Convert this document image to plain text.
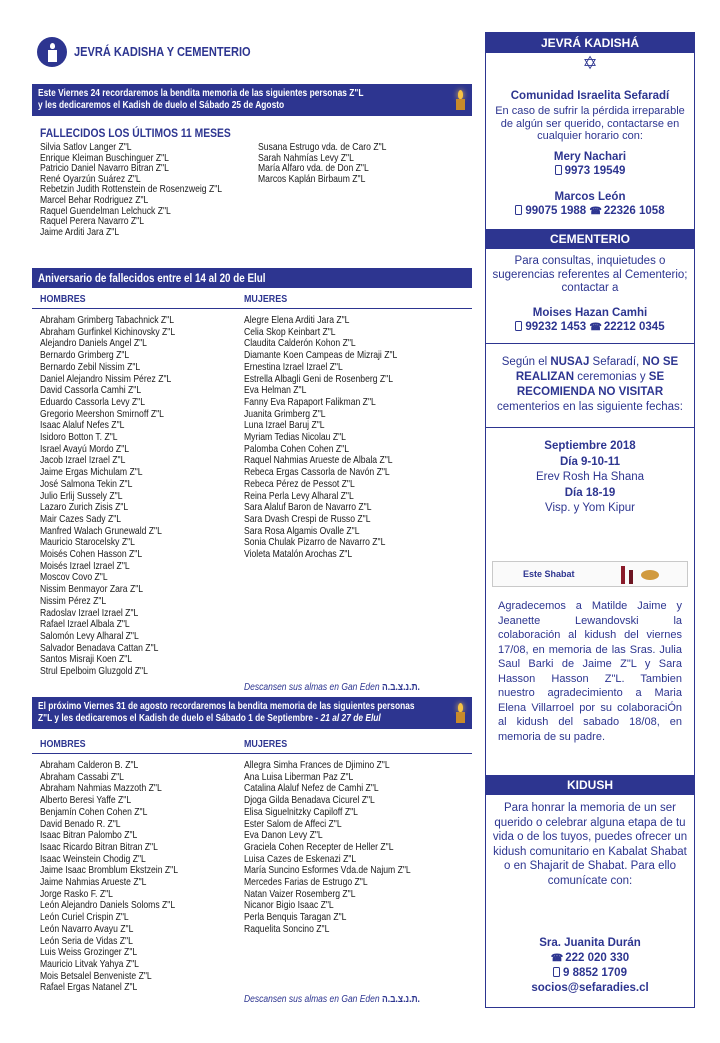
JEVRÁ KADISHA Y CEMENTERIO
Este Viernes 24 recordaremos la bendita memoria de las siguientes personas Z"L
y les dedicaremos el Kadish de duelo el Sábado 25 de Agosto
FALLECIDOS LOS ÚLTIMOS 11 MESES
Silvia Satlov Langer Z"L
Enrique Kleiman Buschinguer Z"L
Patricio Daniel Navarro Bitran Z"L
René Oyarzún Suárez Z"L
Rebetzin Judith Rottenstein de Rosenzweig Z"L
Marcel Behar Rodriguez Z"L
Raquel Guendelman Lelchuck Z"L
Raquel Perera Navarro Z"L
Jaime Arditi Jara Z"L
Susana Estrugo vda. de Caro Z"L
Sarah Nahmías Levy Z"L
María Alfaro vda. de Don Z"L
Marcos Kaplán Birbaum Z"L
Aniversario de fallecidos entre el 14 al 20 de Elul
HOMBRES	MUJERES
Abraham Grimberg Tabachnick Z"L
Abraham Gurfinkel Kichinovsky Z"L
Alejandro Daniels Angel Z"L
Bernardo Grimberg Z"L
Bernardo Zebil Nissim Z"L
Daniel Alejandro Nissim Pérez Z"L
David Cassorla Camhi Z"L
Eduardo Cassorla Levy Z"L
Gregorio Meershon Smirnoff Z"L
Isaac Alaluf Nefes Z"L
Isidoro Botton T. Z"L
Israel Avayú Mordo Z"L
Jacob Izrael Izrael Z"L
Jaime Ergas Michulam Z"L
José Salmona Tekin Z"L
Julio Erlij Sussely Z"L
Lazaro Zurich Zisis Z"L
Mair Cazes Sady Z"L
Manfred Walach Grunewald Z"L
Mauricio Starocelsky Z"L
Moisés Cohen Hasson Z"L
Moisés Izrael Izrael Z"L
Moscov Covo Z"L
Nissim Benmayor Zara Z"L
Nissim Pérez Z"L
Radoslav Izrael Izrael Z"L
Rafael Izrael Albala Z"L
Salomón Levy Alharal Z"L
Salvador Benadava Cattan Z"L
Santos Misraji Koen Z"L
Strul Epelboim Gluzgold Z"L
Alegre Elena Arditi Jara Z"L
Celia Skop Keinbart Z"L
Claudita Calderón Kohon Z"L
Diamante Koen Campeas de Mizraji Z"L
Ernestina Izrael Izrael Z"L
Estrella Albagli Geni de Rosenberg Z"L
Eva Helman Z"L
Fanny Eva Rapaport Falikman Z"L
Juanita Grimberg Z"L
Luna Izrael Baruj Z"L
Myriam Tedias Nicolau Z"L
Palomba Cohen Cohen Z"L
Raquel Nahmias Arueste de Albala Z"L
Rebeca Ergas Cassorla de Navón Z"L
Rebeca Pérez de Pessot Z"L
Reina Perla Levy Alharal Z"L
Sara Alaluf Baron de Navarro Z"L
Sara Dvash Crespi de Russo Z"L
Sara Rosa Algamis Ovalle Z"L
Sonia Chulak Pizarro de Navarro Z"L
Violeta Matalón Arochas Z"L
Descansen sus almas en Gan Eden ת.נ.צ.ב.ה.
El próximo Viernes 31 de agosto recordaremos la bendita memoria de las siguientes personas
Z"L y les dedicaremos el Kadish de duelo el Sábado 1 de Septiembre - 21 al 27 de Elul
HOMBRES	MUJERES
Abraham Calderon B. Z"L
Abraham Cassabi Z"L
Abraham Nahmias Mazzoth Z"L
Alberto Beresi Yaffe Z"L
Benjamín Cohen Cohen Z"L
David Benado R. Z"L
Isaac Bitran Palombo Z"L
Isaac Ricardo Bitran Bitran Z"L
Isaac Weinstein Chodig Z"L
Jaime Isaac Bromblum Ekstzein Z"L
Jaime Nahmias Arueste Z"L
Jorge Rasko F. Z"L
León Alejandro Daniels Soloms Z"L
León Curiel Crispin Z"L
León Navarro Avayu Z"L
León Seria de Vidas Z"L
Luis Weiss Grozinger Z"L
Mauricio Litvak Yahya Z"L
Mois Betsalel Benveniste Z"L
Rafael Ergas Natanel Z"L
Allegra Simha Frances de Djimino Z"L
Ana Luisa Liberman Paz Z"L
Catalina Alaluf Nefez de Camhi Z"L
Djoga Gilda Benadava Cicurel Z"L
Elisa Siguelnitzky Capiloff Z"L
Ester Salom de Affeci Z"L
Eva Danon Levy Z"L
Graciela Cohen Recepter de Heller Z"L
Luisa Cazes de Eskenazi Z"L
María Suncino Esformes Vda.de Najum Z"L
Mercedes Farias de Estrugo Z"L
Natan Vaizer Rosemberg Z"L
Nicanor Bigio Isaac Z"L
Perla Benquis Taragan Z"L
Raquelita Soncino Z"L
Descansen sus almas en Gan Eden ת.נ.צ.ב.ה.
JEVRÁ KADISHÁ
✡
Comunidad Israelita Sefaradí
En caso de sufrir la pérdida irreparable de algún ser querido, contactarse en cualquier horario con:
Mery Nachari
9973 19549
Marcos León
99075 1988 ☎ 22326 1058
CEMENTERIO
Para consultas, inquietudes o sugerencias referentes al Cementerio; contactar a
Moises Hazan Camhi
99232 1453 ☎ 22212 0345
Según el NUSAJ Sefaradí, NO SE REALIZAN ceremonias y SE RECOMIENDA NO VISITAR cementerios en las siguiente fechas:
Septiembre 2018
Día 9-10-11
Erev Rosh Ha Shana
Día 18-19
Visp. y Yom Kipur
Este Shabat
Agradecemos a Matilde Jaime y Jeanette Lewandovski la colaboración al kidush del viernes 17/08, en memoria de las Sras. Julia Saul Barki de Jaime Z"L y Sara Hasson Hasson Z"L. Tambien nuestro agradecimiento a Maria Elena Villarroel por su colaboraciÓn al kidush del sabado 18/08, en memoria de su padre.
KIDUSH
Para honrar la memoria de un ser querido o celebrar alguna etapa de tu vida o de los tuyos, puedes ofrecer un kidush comunitario en Kabalat Shabat o en Shajarit de Shabat. Para ello comunícate con:
Sra. Juanita Durán
☎ 222 020 330
9 8852 1709
socios@sefaradies.cl
